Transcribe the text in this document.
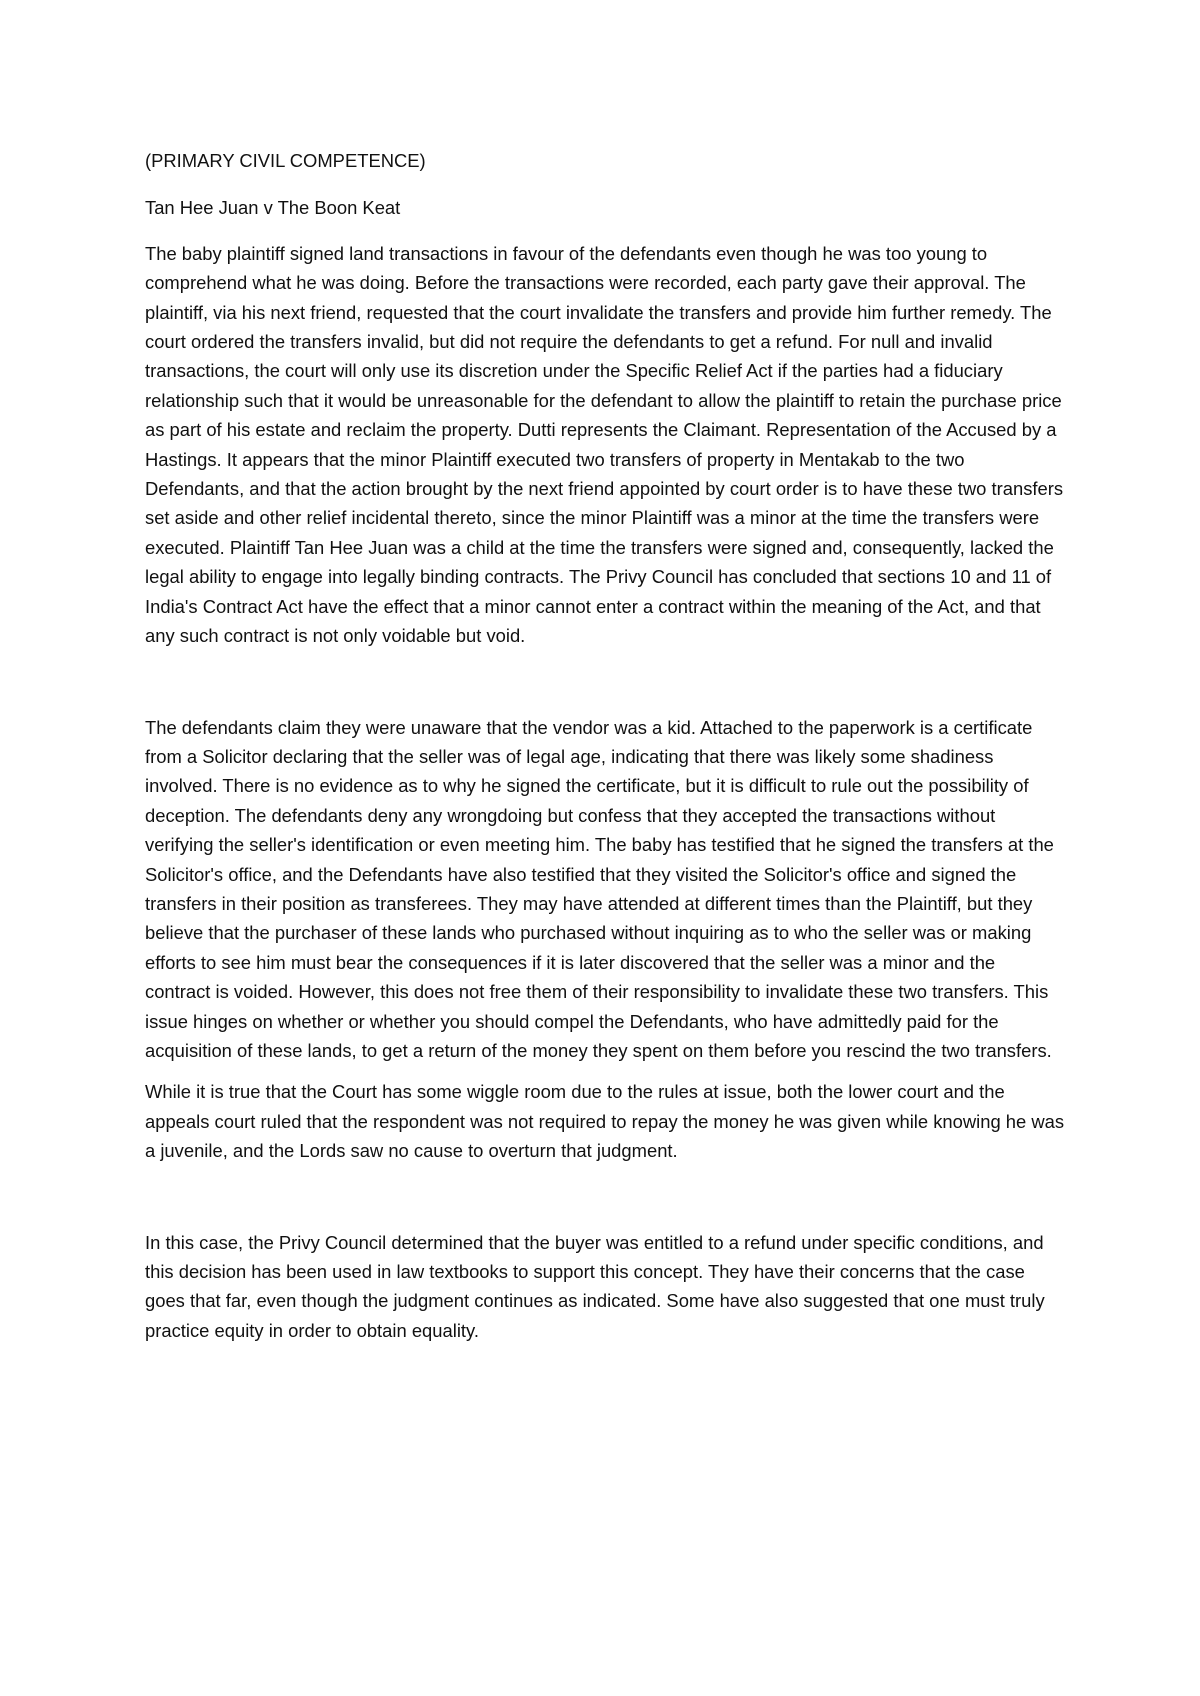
(PRIMARY CIVIL COMPETENCE)

Tan Hee Juan v The Boon Keat

The baby plaintiff signed land transactions in favour of the defendants even though he was too young to comprehend what he was doing. Before the transactions were recorded, each party gave their approval. The plaintiff, via his next friend, requested that the court invalidate the transfers and provide him further remedy. The court ordered the transfers invalid, but did not require the defendants to get a refund. For null and invalid transactions, the court will only use its discretion under the Specific Relief Act if the parties had a fiduciary relationship such that it would be unreasonable for the defendant to allow the plaintiff to retain the purchase price as part of his estate and reclaim the property. Dutti represents the Claimant. Representation of the Accused by a Hastings. It appears that the minor Plaintiff executed two transfers of property in Mentakab to the two Defendants, and that the action brought by the next friend appointed by court order is to have these two transfers set aside and other relief incidental thereto, since the minor Plaintiff was a minor at the time the transfers were executed. Plaintiff Tan Hee Juan was a child at the time the transfers were signed and, consequently, lacked the legal ability to engage into legally binding contracts. The Privy Council has concluded that sections 10 and 11 of India's Contract Act have the effect that a minor cannot enter a contract within the meaning of the Act, and that any such contract is not only voidable but void.

The defendants claim they were unaware that the vendor was a kid. Attached to the paperwork is a certificate from a Solicitor declaring that the seller was of legal age, indicating that there was likely some shadiness involved. There is no evidence as to why he signed the certificate, but it is difficult to rule out the possibility of deception. The defendants deny any wrongdoing but confess that they accepted the transactions without verifying the seller's identification or even meeting him. The baby has testified that he signed the transfers at the Solicitor's office, and the Defendants have also testified that they visited the Solicitor's office and signed the transfers in their position as transferees. They may have attended at different times than the Plaintiff, but they believe that the purchaser of these lands who purchased without inquiring as to who the seller was or making efforts to see him must bear the consequences if it is later discovered that the seller was a minor and the contract is voided. However, this does not free them of their responsibility to invalidate these two transfers. This issue hinges on whether or whether you should compel the Defendants, who have admittedly paid for the acquisition of these lands, to get a return of the money they spent on them before you rescind the two transfers.

While it is true that the Court has some wiggle room due to the rules at issue, both the lower court and the appeals court ruled that the respondent was not required to repay the money he was given while knowing he was a juvenile, and the Lords saw no cause to overturn that judgment.

In this case, the Privy Council determined that the buyer was entitled to a refund under specific conditions, and this decision has been used in law textbooks to support this concept. They have their concerns that the case goes that far, even though the judgment continues as indicated. Some have also suggested that one must truly practice equity in order to obtain equality.
